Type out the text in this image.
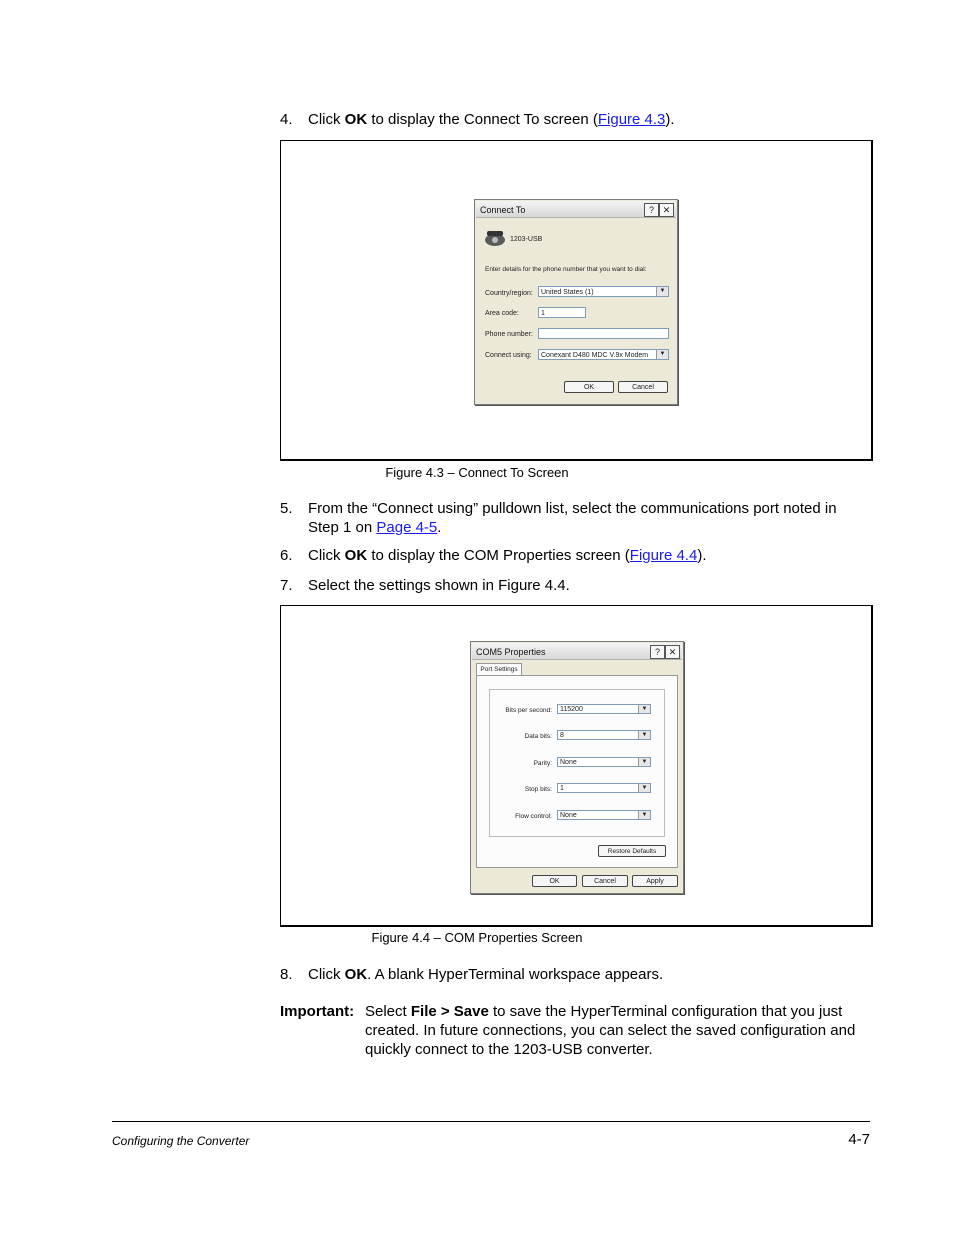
4. Click OK to display the Connect To screen (Figure 4.3).
Connect To	? ✕
1203-USB
Enter details for the phone number that you want to dial:
Country/region:	United States (1)	▼
Area code:	1
Phone number:
Connect using:	Conexant D480 MDC V.9x Modem	▼
OK	Cancel
Figure 4.3 – Connect To Screen
5. From the “Connect using” pulldown list, select the communications port noted in
Step 1 on Page 4-5.
6. Click OK to display the COM Properties screen (Figure 4.4).
7. Select the settings shown in Figure 4.4.
COM5 Properties	? ✕
Port Settings
Bits per second:	115200	▼
Data bits:	8	▼
Parity:	None	▼
Stop bits:	1	▼
Flow control:	None	▼
Restore Defaults
OK	Cancel	Apply
Figure 4.4 – COM Properties Screen
8. Click OK. A blank HyperTerminal workspace appears.
Important: Select File > Save to save the HyperTerminal configuration that you just
created. In future connections, you can select the saved configuration and
quickly connect to the 1203-USB converter.
Configuring the Converter	4-7
